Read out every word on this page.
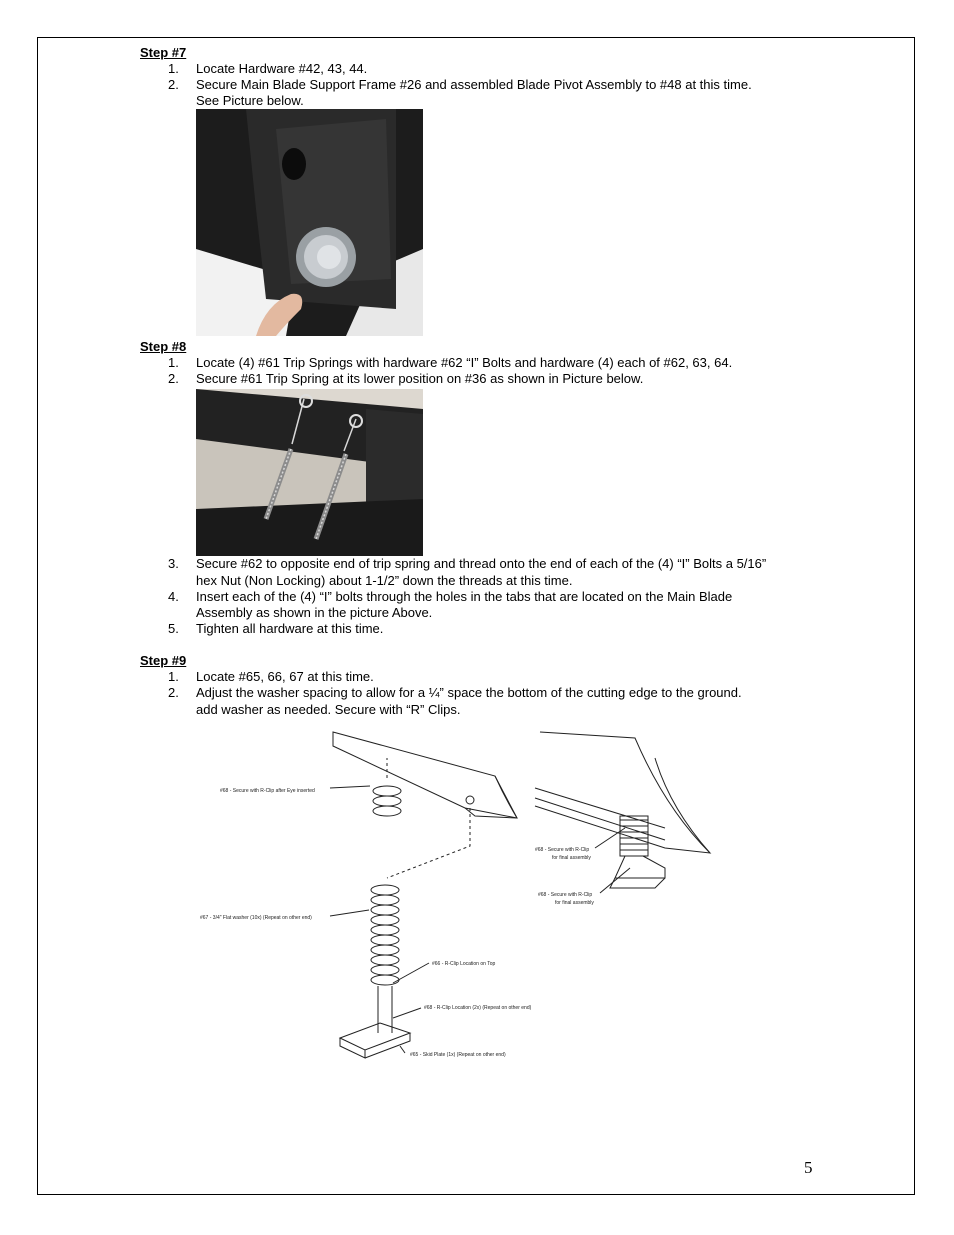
Step #7
1. Locate Hardware #42, 43, 44.
2. Secure Main Blade Support Frame #26 and assembled Blade Pivot Assembly to #48 at this time.
See Picture below.
Step #8
1. Locate (4) #61 Trip Springs with hardware #62 “I” Bolts and hardware (4) each of #62, 63, 64.
2. Secure #61 Trip Spring at its lower position on #36 as shown in Picture below.
3. Secure #62 to opposite end of trip spring and thread onto the end of each of the (4) “I” Bolts a 5/16”
hex Nut (Non Locking) about 1-1/2” down the threads at this time.
4. Insert each of the (4) “I” bolts through the holes in the tabs that are located on the Main Blade
Assembly as shown in the picture Above.
5. Tighten all hardware at this time.
Step #9
1. Locate #65, 66, 67 at this time.
2. Adjust the washer spacing to allow for a ¼” space the bottom of the cutting edge to the ground.
add washer as needed. Secure with “R” Clips.
#68 - Secure with R-Clip after Eye inserted
#67 - 3/4" Flat washer (10x) (Repeat on other end)
#66 - R-Clip Location on Top
#68 - R-Clip Location (2x) (Repeat on other end)
#65 - Skid Plate (1x) (Repeat on other end)
#68 - Secure with R-Clip
for final assembly
#68 - Secure with R-Clip
for final assembly
5
